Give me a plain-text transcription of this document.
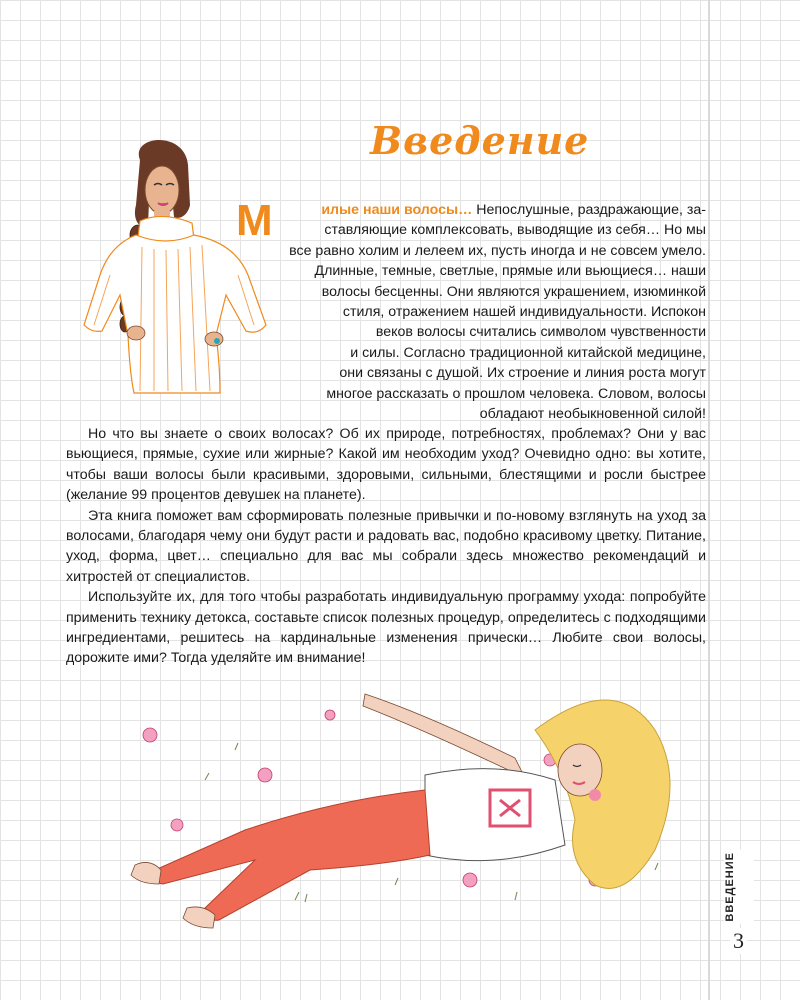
Введение

М	илые наши волосы… Непослушные, раздражающие, за-
ставляющие комплексовать, выводящие из себя… Но мы
все равно холим и лелеем их, пусть иногда и не совсем умело.
Длинные, темные, светлые, прямые или вьющиеся… наши
волосы бесценны. Они являются украшением, изюминкой
стиля, отражением нашей индивидуальности. Испокон
веков волосы считались символом чувственности
и силы. Согласно традиционной китайской медицине,
они связаны с душой. Их строение и линия роста могут
многое рассказать о прошлом человека. Словом, волосы
обладают необыкновенной силой!

Но что вы знаете о своих волосах? Об их природе, потребностях, проблемах? Они у вас вьющиеся, прямые, сухие или жирные? Какой им необходим уход? Очевидно одно: вы хотите, чтобы ваши волосы были красивыми, здоровыми, сильными, блестящими и росли быстрее (желание 99 процентов девушек на планете).

Эта книга поможет вам сформировать полезные привычки и по-новому взглянуть на уход за волосами, благодаря чему они будут расти и радовать вас, подобно красивому цветку. Питание, уход, форма, цвет… специально для вас мы собрали здесь множество рекомендаций и хитростей от специалистов.

Используйте их, для того чтобы разработать индивидуальную программу ухода: попробуйте применить технику детокса, составьте список полезных процедур, определитесь с подходящими ингредиентами, решитесь на кардинальные изменения прически… Любите свои волосы, дорожите ими? Тогда уделяйте им внимание!

ВВЕДЕНИЕ
3
